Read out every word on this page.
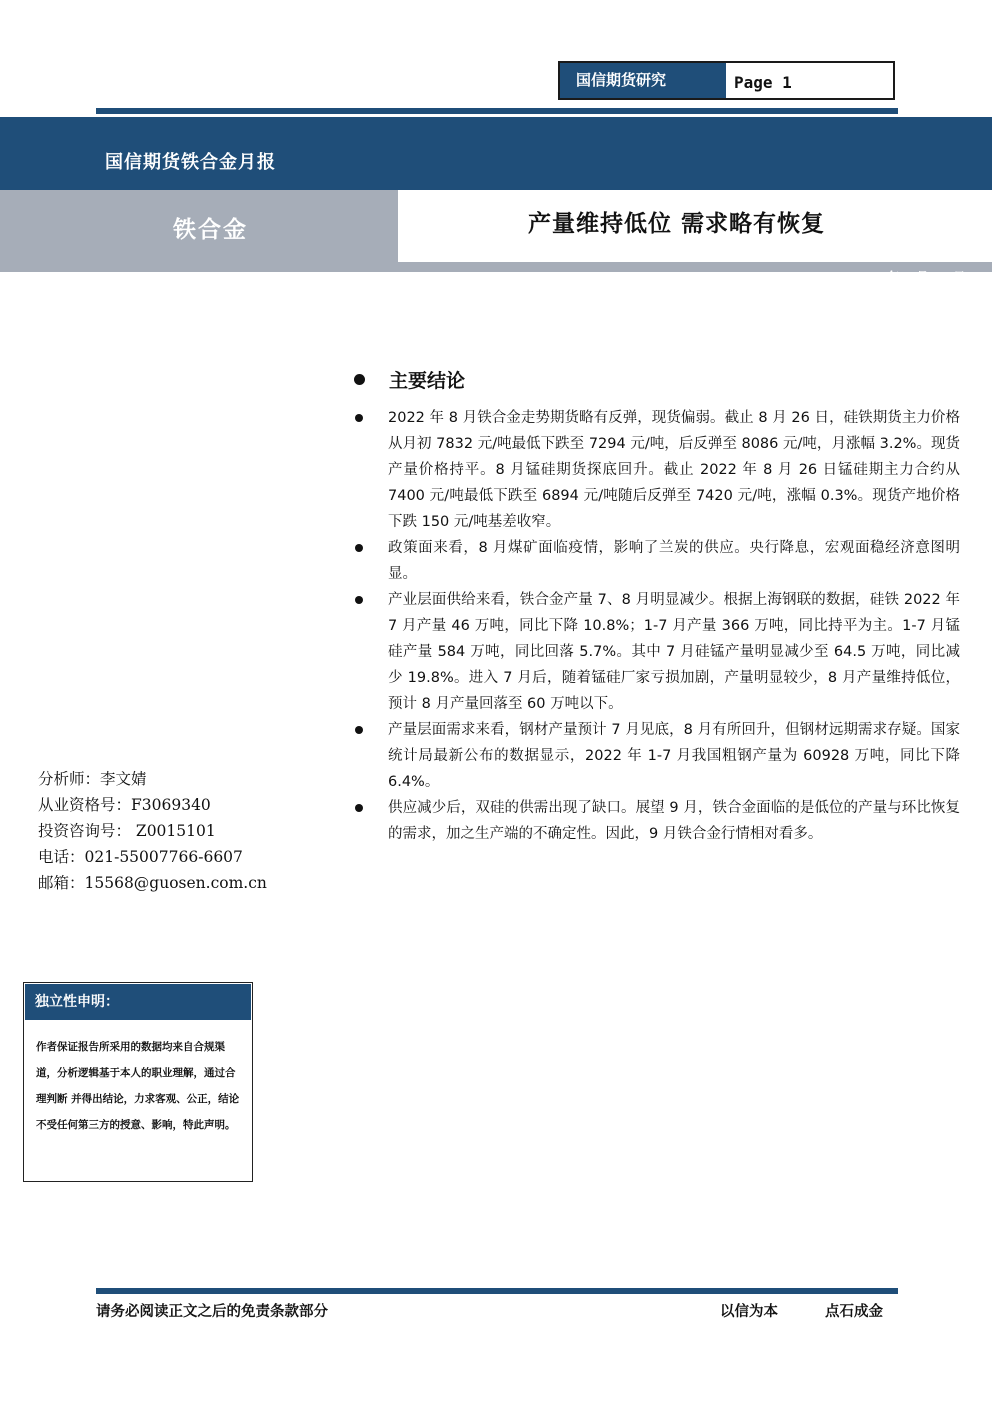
国信期货研究	Page 1
国信期货铁合金月报
铁合金	产量维持低位 需求略有恢复
2022 年 8 月 28 日
主要结论

2022 年 8 月铁合金走势期货略有反弹，现货偏弱。截止 8 月 26 日，硅铁期货主力价格从月初 7832 元/吨最低下跌至 7294 元/吨，后反弹至 8086 元/吨，月涨幅 3.2%。现货产量价格持平。8 月锰硅期货探底回升。截止 2022 年 8 月 26 日锰硅期主力合约从 7400 元/吨最低下跌至 6894 元/吨随后反弹至 7420 元/吨，涨幅 0.3%。现货产地价格下跌 150 元/吨基差收窄。

政策面来看，8 月煤矿面临疫情，影响了兰炭的供应。央行降息，宏观面稳经济意图明显。

产业层面供给来看，铁合金产量 7、8 月明显减少。根据上海钢联的数据，硅铁 2022 年 7 月产量 46 万吨，同比下降 10.8%；1-7 月产量 366 万吨，同比持平为主。1-7 月锰硅产量 584 万吨，同比回落 5.7%。其中 7 月硅锰产量明显减少至 64.5 万吨，同比减少 19.8%。进入 7 月后，随着锰硅厂家亏损加剧，产量明显较少，8 月产量维持低位，预计 8 月产量回落至 60 万吨以下。

产量层面需求来看，钢材产量预计 7 月见底，8 月有所回升，但钢材远期需求存疑。国家统计局最新公布的数据显示，2022 年 1-7 月我国粗钢产量为 60928 万吨，同比下降 6.4%。

供应减少后，双硅的供需出现了缺口。展望 9 月，铁合金面临的是低位的产量与环比恢复的需求，加之生产端的不确定性。因此，9 月铁合金行情相对看多。

分析师：李文婧
从业资格号：F3069340
投资咨询号： Z0015101
电话：021-55007766-6607
邮箱：15568@guosen.com.cn
独立性申明：
作者保证报告所采用的数据均来自合规渠道，分析逻辑基于本人的职业理解，通过合理判断 并得出结论，力求客观、公正，结论不受任何第三方的授意、影响，特此声明。
请务必阅读正文之后的免责条款部分	以信为本	点石成金
